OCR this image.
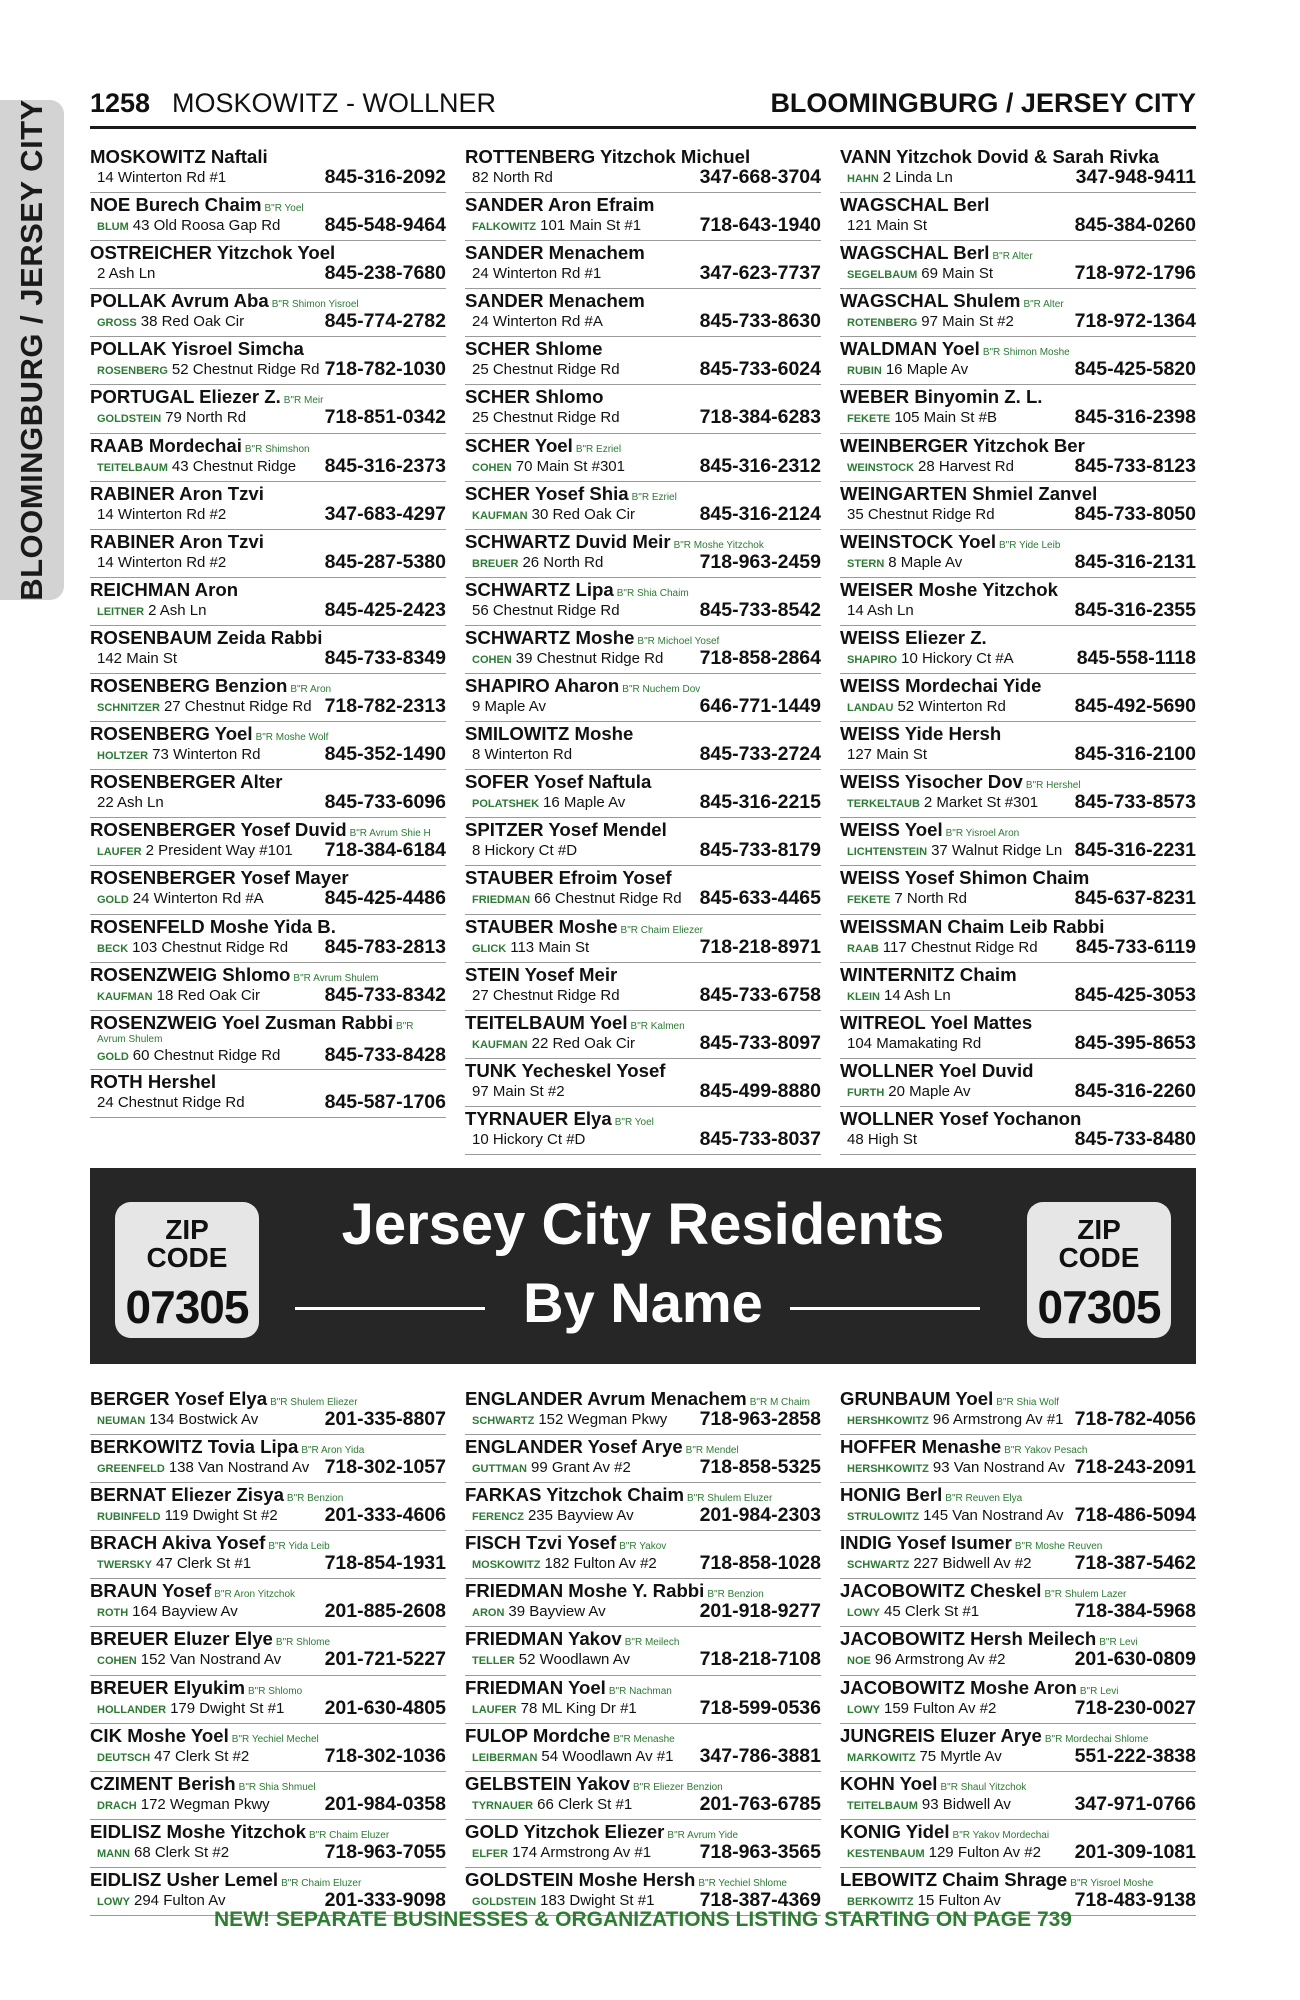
BLOOMINGBURG / JERSEY CITY 1258 MOSKOWITZ - WOLLNER	BLOOMINGBURG / JERSEY CITY
MOSKOWITZ Naftali
14 Winterton Rd #1	845-316-2092
NOE Burech Chaim B"R Yoel
BLUM 43 Old Roosa Gap Rd 845-548-9464
OSTREICHER Yitzchok Yoel
2 Ash Ln	845-238-7680
POLLAK Avrum Aba B"R Shimon Yisroel
GROSS 38 Red Oak Cir	845-774-2782
POLLAK Yisroel Simcha
ROSENBERG 52 Chestnut Ridge Rd 718-782-1030
PORTUGAL Eliezer Z. B"R Meir
GOLDSTEIN 79 North Rd	718-851-0342
RAAB Mordechai B"R Shimshon
TEITELBAUM 43 Chestnut Ridge 845-316-2373
RABINER Aron Tzvi
14 Winterton Rd #2	347-683-4297
RABINER Aron Tzvi
14 Winterton Rd #2	845-287-5380
REICHMAN Aron
LEITNER 2 Ash Ln	845-425-2423
ROSENBAUM Zeida Rabbi
142 Main St	845-733-8349
ROSENBERG Benzion B"R Aron
SCHNITZER 27 Chestnut Ridge Rd 718-782-2313
ROSENBERG Yoel B"R Moshe Wolf
HOLTZER 73 Winterton Rd	845-352-1490
ROSENBERGER Alter
22 Ash Ln	845-733-6096
ROSENBERGER Yosef Duvid B"R Avrum Shie H
LAUFER 2 President Way #101 718-384-6184
ROSENBERGER Yosef Mayer
GOLD 24 Winterton Rd #A	845-425-4486
ROSENFELD Moshe Yida B.
BECK 103 Chestnut Ridge Rd 845-783-2813
ROSENZWEIG Shlomo B"R Avrum Shulem
KAUFMAN 18 Red Oak Cir	845-733-8342
ROSENZWEIG Yoel Zusman Rabbi B"R
Avrum Shulem
GOLD 60 Chestnut Ridge Rd 845-733-8428
ROTH Hershel
24 Chestnut Ridge Rd	845-587-1706
ROTTENBERG Yitzchok Michuel
82 North Rd	347-668-3704
SANDER Aron Efraim
FALKOWITZ 101 Main St #1	718-643-1940
SANDER Menachem
24 Winterton Rd #1	347-623-7737
SANDER Menachem
24 Winterton Rd #A	845-733-8630
SCHER Shlome
25 Chestnut Ridge Rd	845-733-6024
SCHER Shlomo
25 Chestnut Ridge Rd	718-384-6283
SCHER Yoel B"R Ezriel
COHEN 70 Main St #301	845-316-2312
SCHER Yosef Shia B"R Ezriel
KAUFMAN 30 Red Oak Cir	845-316-2124
SCHWARTZ Duvid Meir B"R Moshe Yitzchok
BREUER 26 North Rd	718-963-2459
SCHWARTZ Lipa B"R Shia Chaim
56 Chestnut Ridge Rd	845-733-8542
SCHWARTZ Moshe B"R Michoel Yosef
COHEN 39 Chestnut Ridge Rd 718-858-2864
SHAPIRO Aharon B"R Nuchem Dov
9 Maple Av	646-771-1449
SMILOWITZ Moshe
8 Winterton Rd	845-733-2724
SOFER Yosef Naftula
POLATSHEK 16 Maple Av	845-316-2215
SPITZER Yosef Mendel
8 Hickory Ct #D	845-733-8179
STAUBER Efroim Yosef
FRIEDMAN 66 Chestnut Ridge Rd 845-633-4465
STAUBER Moshe B"R Chaim Eliezer
GLICK 113 Main St	718-218-8971
STEIN Yosef Meir
27 Chestnut Ridge Rd	845-733-6758
TEITELBAUM Yoel B"R Kalmen
KAUFMAN 22 Red Oak Cir	845-733-8097
TUNK Yecheskel Yosef
97 Main St #2	845-499-8880
TYRNAUER Elya B"R Yoel
10 Hickory Ct #D	845-733-8037
VANN Yitzchok Dovid & Sarah Rivka
HAHN 2 Linda Ln	347-948-9411
WAGSCHAL Berl
121 Main St	845-384-0260
WAGSCHAL Berl B"R Alter
SEGELBAUM 69 Main St	718-972-1796
WAGSCHAL Shulem B"R Alter
ROTENBERG 97 Main St #2	718-972-1364
WALDMAN Yoel B"R Shimon Moshe
RUBIN 16 Maple Av	845-425-5820
WEBER Binyomin Z. L.
FEKETE 105 Main St #B	845-316-2398
WEINBERGER Yitzchok Ber
WEINSTOCK 28 Harvest Rd	845-733-8123
WEINGARTEN Shmiel Zanvel
35 Chestnut Ridge Rd	845-733-8050
WEINSTOCK Yoel B"R Yide Leib
STERN 8 Maple Av	845-316-2131
WEISER Moshe Yitzchok
14 Ash Ln	845-316-2355
WEISS Eliezer Z.
SHAPIRO 10 Hickory Ct #A	845-558-1118
WEISS Mordechai Yide
LANDAU 52 Winterton Rd	845-492-5690
WEISS Yide Hersh
127 Main St	845-316-2100
WEISS Yisocher Dov B"R Hershel
TERKELTAUB 2 Market St #301 845-733-8573
WEISS Yoel B"R Yisroel Aron
LICHTENSTEIN 37 Walnut Ridge Ln 845-316-2231
WEISS Yosef Shimon Chaim
FEKETE 7 North Rd	845-637-8231
WEISSMAN Chaim Leib Rabbi
RAAB 117 Chestnut Ridge Rd 845-733-6119
WINTERNITZ Chaim
KLEIN 14 Ash Ln	845-425-3053
WITREOL Yoel Mattes
104 Mamakating Rd	845-395-8653
WOLLNER Yoel Duvid
FURTH 20 Maple Av	845-316-2260
WOLLNER Yosef Yochanon
48 High St	845-733-8480
ZIP
CODE
07305
Jersey City Residents
By Name
ZIP
CODE
07305
BERGER Yosef Elya B"R Shulem Eliezer
NEUMAN 134 Bostwick Av	201-335-8807
BERKOWITZ Tovia Lipa B"R Aron Yida
GREENFELD 138 Van Nostrand Av 718-302-1057
BERNAT Eliezer Zisya B"R Benzion
RUBINFELD 119 Dwight St #2 201-333-4606
BRACH Akiva Yosef B"R Yida Leib
TWERSKY 47 Clerk St #1	718-854-1931
BRAUN Yosef B"R Aron Yitzchok
ROTH 164 Bayview Av	201-885-2608
BREUER Eluzer Elye B"R Shlome
COHEN 152 Van Nostrand Av 201-721-5227
BREUER Elyukim B"R Shlomo
HOLLANDER 179 Dwight St #1 201-630-4805
CIK Moshe Yoel B"R Yechiel Mechel
DEUTSCH 47 Clerk St #2	718-302-1036
CZIMENT Berish B"R Shia Shmuel
DRACH 172 Wegman Pkwy	201-984-0358
EIDLISZ Moshe Yitzchok B"R Chaim Eluzer
MANN 68 Clerk St #2	718-963-7055
EIDLISZ Usher Lemel B"R Chaim Eluzer
LOWY 294 Fulton Av	201-333-9098
ENGLANDER Avrum Menachem B"R M Chaim
SCHWARTZ 152 Wegman Pkwy 718-963-2858
ENGLANDER Yosef Arye B"R Mendel
GUTTMAN 99 Grant Av #2	718-858-5325
FARKAS Yitzchok Chaim B"R Shulem Eluzer
FERENCZ 235 Bayview Av	201-984-2303
FISCH Tzvi Yosef B"R Yakov
MOSKOWITZ 182 Fulton Av #2 718-858-1028
FRIEDMAN Moshe Y. Rabbi B"R Benzion
ARON 39 Bayview Av	201-918-9277
FRIEDMAN Yakov B"R Meilech
TELLER 52 Woodlawn Av	718-218-7108
FRIEDMAN Yoel B"R Nachman
LAUFER 78 ML King Dr #1	718-599-0536
FULOP Mordche B"R Menashe
LEIBERMAN 54 Woodlawn Av #1 347-786-3881
GELBSTEIN Yakov B"R Eliezer Benzion
TYRNAUER 66 Clerk St #1	201-763-6785
GOLD Yitzchok Eliezer B"R Avrum Yide
ELFER 174 Armstrong Av #1 718-963-3565
GOLDSTEIN Moshe Hersh B"R Yechiel Shlome
GOLDSTEIN 183 Dwight St #1 718-387-4369
GRUNBAUM Yoel B"R Shia Wolf
HERSHKOWITZ 96 Armstrong Av #1 718-782-4056
HOFFER Menashe B"R Yakov Pesach
HERSHKOWITZ 93 Van Nostrand Av 718-243-2091
HONIG Berl B"R Reuven Elya
STRULOWITZ 145 Van Nostrand Av 718-486-5094
INDIG Yosef Isumer B"R Moshe Reuven
SCHWARTZ 227 Bidwell Av #2 718-387-5462
JACOBOWITZ Cheskel B"R Shulem Lazer
LOWY 45 Clerk St #1	718-384-5968
JACOBOWITZ Hersh Meilech B"R Levi
NOE 96 Armstrong Av #2	201-630-0809
JACOBOWITZ Moshe Aron B"R Levi
LOWY 159 Fulton Av #2	718-230-0027
JUNGREIS Eluzer Arye B"R Mordechai Shlome
MARKOWITZ 75 Myrtle Av	551-222-3838
KOHN Yoel B"R Shaul Yitzchok
TEITELBAUM 93 Bidwell Av	347-971-0766
KONIG Yidel B"R Yakov Mordechai
KESTENBAUM 129 Fulton Av #2 201-309-1081
LEBOWITZ Chaim Shrage B"R Yisroel Moshe
BERKOWITZ 15 Fulton Av	718-483-9138
NEW! SEPARATE BUSINESSES & ORGANIZATIONS LISTING STARTING ON PAGE 739
